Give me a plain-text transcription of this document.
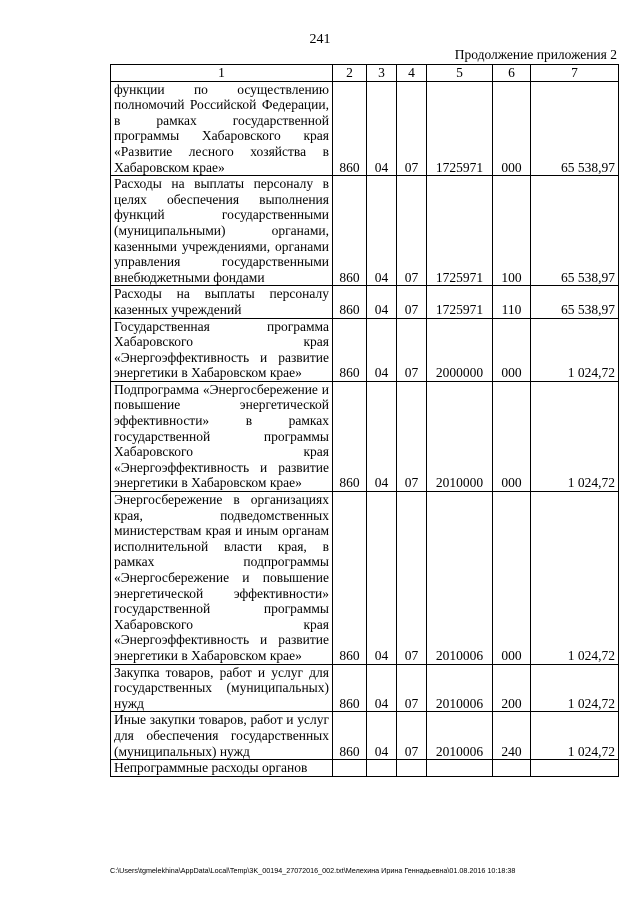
241
Продолжение приложения 2
1	2	3	4	5	6	7
функции по осуществлению полномочий Российской Федерации, в рамках государственной программы Хабаровского края «Развитие лесного хозяйства в Хабаровском крае»	860	04	07	1725971	000	65 538,97
Расходы на выплаты персоналу в целях обеспечения выполнения функций государственными (муниципальными) органами, казенными учреждениями, органами управления государственными внебюджетными фондами	860	04	07	1725971	100	65 538,97
Расходы на выплаты персоналу казенных учреждений	860	04	07	1725971	110	65 538,97
Государственная программа Хабаровского края «Энергоэффективность и развитие энергетики в Хабаровском крае»	860	04	07	2000000	000	1 024,72
Подпрограмма «Энергосбережение и повышение энергетической эффективности» в рамках государственной программы Хабаровского края «Энергоэффективность и развитие энергетики в Хабаровском крае»	860	04	07	2010000	000	1 024,72
Энергосбережение в организациях края, подведомственных министерствам края и иным органам исполнительной власти края, в рамках подпрограммы «Энергосбережение и повышение энергетической эффективности» государственной программы Хабаровского края «Энергоэффективность и развитие энергетики в Хабаровском крае»	860	04	07	2010006	000	1 024,72
Закупка товаров, работ и услуг для государственных (муниципальных) нужд	860	04	07	2010006	200	1 024,72
Иные закупки товаров, работ и услуг для обеспечения государственных (муниципальных) нужд	860	04	07	2010006	240	1 024,72
Непрограммные расходы органов						
C:\Users\tgmelekhina\AppData\Local\Temp\3K_00194_27072016_002.txt\Мелехина Ирина Геннадьевна\01.08.2016 10:18:38
